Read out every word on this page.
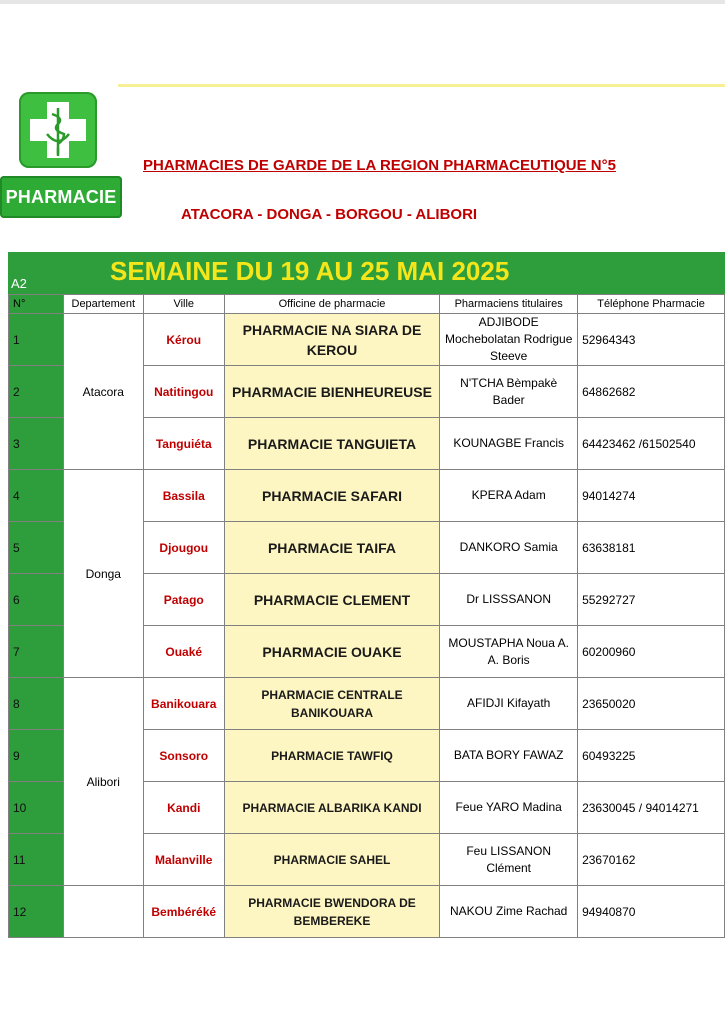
PHARMACIE
PHARMACIES DE GARDE DE LA REGION PHARMACEUTIQUE N°5
ATACORA - DONGA - BORGOU - ALIBORI
A2	SEMAINE DU 19 AU 25 MAI 2025
N°	Departement	Ville	Officine de pharmacie	Pharmaciens titulaires	Téléphone Pharmacie
1	Atacora	Kérou	PHARMACIE NA SIARA DE KEROU	ADJIBODE Mochebolatan Rodrigue Steeve	52964343
2		Natitingou	PHARMACIE BIENHEUREUSE	N'TCHA Bèmpakè Bader	64862682
3		Tanguiéta	PHARMACIE TANGUIETA	KOUNAGBE Francis	64423462 /61502540
4	Donga	Bassila	PHARMACIE SAFARI	KPERA Adam	94014274
5		Djougou	PHARMACIE TAIFA	DANKORO Samia	63638181
6		Patago	PHARMACIE CLEMENT	Dr LISSSANON	55292727
7		Ouaké	PHARMACIE OUAKE	MOUSTAPHA Noua A. A. Boris	60200960
8	Alibori	Banikouara	PHARMACIE CENTRALE BANIKOUARA	AFIDJI Kifayath	23650020
9		Sonsoro	PHARMACIE TAWFIQ	BATA BORY FAWAZ	60493225
10		Kandi	PHARMACIE ALBARIKA KANDI	Feue YARO Madina	23630045 / 94014271
11		Malanville	PHARMACIE SAHEL	Feu LISSANON Clément	23670162
12		Bembéréké	PHARMACIE BWENDORA DE BEMBEREKE	NAKOU Zime Rachad	94940870
